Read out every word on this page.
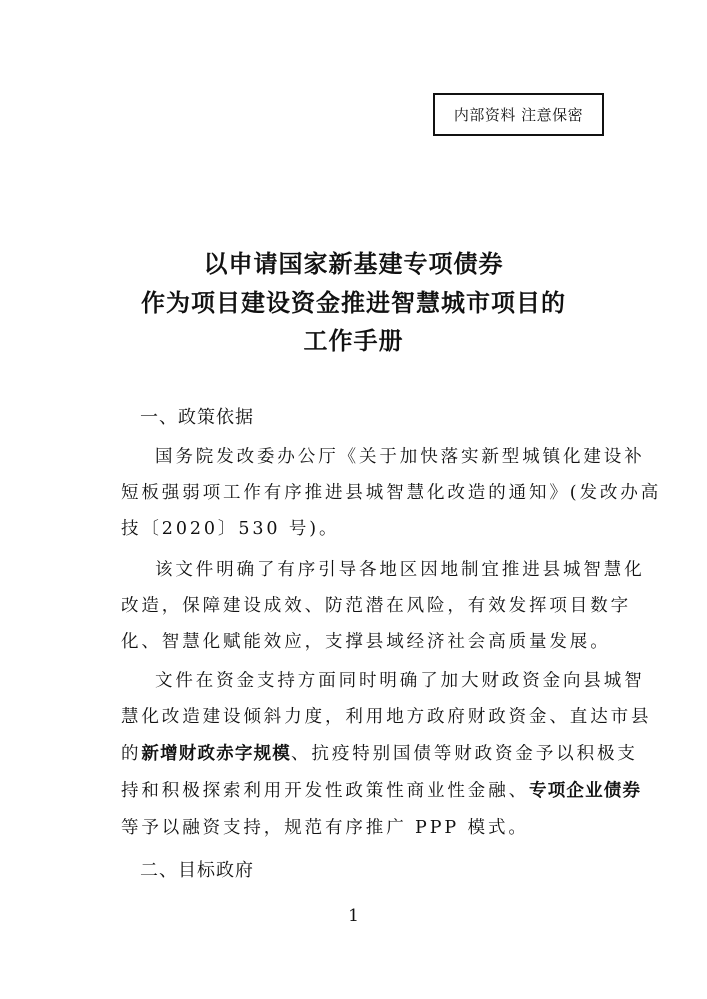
内部资料 注意保密
以申请国家新基建专项债券
作为项目建设资金推进智慧城市项目的
工作手册
一、政策依据
国务院发改委办公厅《关于加快落实新型城镇化建设补
短板强弱项工作有序推进县城智慧化改造的通知》(发改办高
技〔2020〕530 号)。
该文件明确了有序引导各地区因地制宜推进县城智慧化
改造，保障建设成效、防范潜在风险，有效发挥项目数字
化、智慧化赋能效应，支撑县域经济社会高质量发展。
文件在资金支持方面同时明确了加大财政资金向县城智
慧化改造建设倾斜力度，利用地方政府财政资金、直达市县
的新增财政赤字规模、抗疫特别国债等财政资金予以积极支
持和积极探索利用开发性政策性商业性金融、专项企业债券
等予以融资支持，规范有序推广 PPP 模式。
二、目标政府
1
